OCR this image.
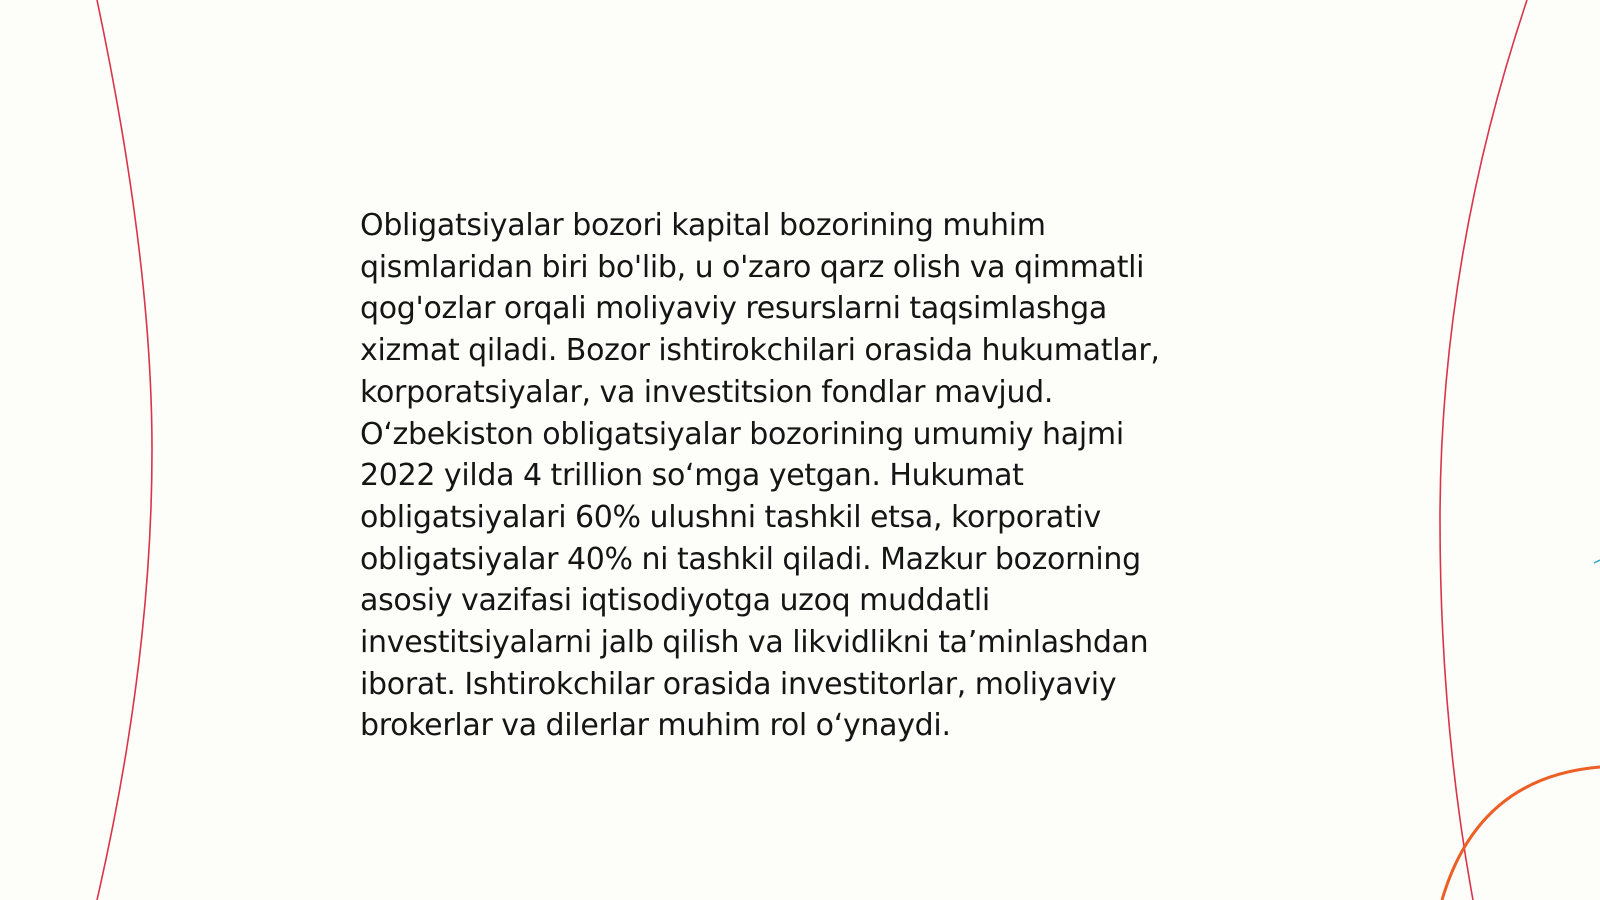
Obligatsiyalar bozori kapital bozorining muhim
qismlaridan biri bo'lib, u o'zaro qarz olish va qimmatli
qog'ozlar orqali moliyaviy resurslarni taqsimlashga
xizmat qiladi. Bozor ishtirokchilari orasida hukumatlar,
korporatsiyalar, va investitsion fondlar mavjud.
Oʻzbekiston obligatsiyalar bozorining umumiy hajmi
2022 yilda 4 trillion soʻmga yetgan. Hukumat
obligatsiyalari 60% ulushni tashkil etsa, korporativ
obligatsiyalar 40% ni tashkil qiladi. Mazkur bozorning
asosiy vazifasi iqtisodiyotga uzoq muddatli
investitsiyalarni jalb qilish va likvidlikni taʼminlashdan
iborat. Ishtirokchilar orasida investitorlar, moliyaviy
brokerlar va dilerlar muhim rol oʻynaydi.
